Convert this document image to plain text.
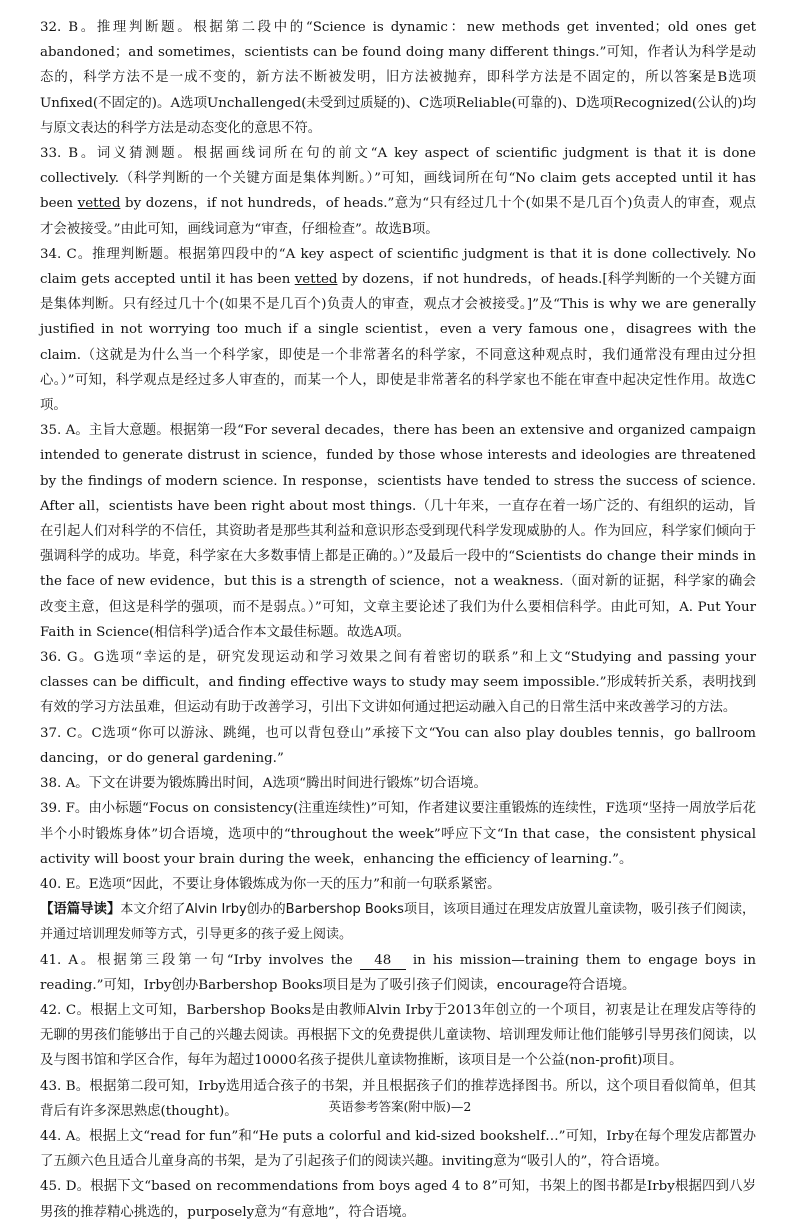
32. B。推理判断题。根据第二段中的“Science is dynamic：new methods get invented；old ones get abandoned；and sometimes，scientists can be found doing many different things.”可知，作者认为科学是动态的，科学方法不是一成不变的，新方法不断被发明，旧方法被抛弃，即科学方法是不固定的，所以答案是B选项Unfixed(不固定的)。A选项Unchallenged(未受到过质疑的)、C选项Reliable(可靠的)、D选项Recognized(公认的)均与原文表达的科学方法是动态变化的意思不符。

33. B。词义猜测题。根据画线词所在句的前文“A key aspect of scientific judgment is that it is done collectively.（科学判断的一个关键方面是集体判断。）”可知，画线词所在句“No claim gets accepted until it has been vetted by dozens，if not hundreds，of heads.”意为“只有经过几十个(如果不是几百个)负责人的审查，观点才会被接受。”由此可知，画线词意为“审查，仔细检查”。故选B项。

34. C。推理判断题。根据第四段中的“A key aspect of scientific judgment is that it is done collectively. No claim gets accepted until it has been vetted by dozens，if not hundreds，of heads.[科学判断的一个关键方面是集体判断。只有经过几十个(如果不是几百个)负责人的审查，观点才会被接受。]”及“This is why we are generally justified in not worrying too much if a single scientist，even a very famous one，disagrees with the claim.（这就是为什么当一个科学家，即使是一个非常著名的科学家，不同意这种观点时，我们通常没有理由过分担心。）”可知，科学观点是经过多人审查的，而某一个人，即使是非常著名的科学家也不能在审查中起决定性作用。故选C项。

35. A。主旨大意题。根据第一段“For several decades，there has been an extensive and organized campaign intended to generate distrust in science，funded by those whose interests and ideologies are threatened by the findings of modern science. In response，scientists have tended to stress the success of science. After all，scientists have been right about most things.（几十年来，一直存在着一场广泛的、有组织的运动，旨在引起人们对科学的不信任，其资助者是那些其利益和意识形态受到现代科学发现威胁的人。作为回应，科学家们倾向于强调科学的成功。毕竟，科学家在大多数事情上都是正确的。）”及最后一段中的“Scientists do change their minds in the face of new evidence，but this is a strength of science，not a weakness.（面对新的证据，科学家的确会改变主意，但这是科学的强项，而不是弱点。）”可知，文章主要论述了我们为什么要相信科学。由此可知，A. Put Your Faith in Science(相信科学)适合作本文最佳标题。故选A项。

36. G。G选项“幸运的是，研究发现运动和学习效果之间有着密切的联系”和上文“Studying and passing your classes can be difficult，and finding effective ways to study may seem impossible.”形成转折关系，表明找到有效的学习方法虽难，但运动有助于改善学习，引出下文讲如何通过把运动融入自己的日常生活中来改善学习的方法。

37. C。C选项“你可以游泳、跳绳，也可以背包登山”承接下文“You can also play doubles tennis，go ballroom dancing，or do general gardening.”

38. A。下文在讲要为锻炼腾出时间，A选项“腾出时间进行锻炼”切合语境。

39. F。由小标题“Focus on consistency(注重连续性)”可知，作者建议要注重锻炼的连续性，F选项“坚持一周放学后花半个小时锻炼身体”切合语境，选项中的“throughout the week”呼应下文“In that case，the consistent physical activity will boost your brain during the week，enhancing the efficiency of learning.”。

40. E。E选项“因此，不要让身体锻炼成为你一天的压力”和前一句联系紧密。

【语篇导读】本文介绍了Alvin Irby创办的Barbershop Books项目，该项目通过在理发店放置儿童读物，吸引孩子们阅读，并通过培训理发师等方式，引导更多的孩子爱上阅读。

41. A。根据第三段第一句“Irby involves the 48 in his mission—training them to engage boys in reading.”可知，Irby创办Barbershop Books项目是为了吸引孩子们阅读，encourage符合语境。

42. C。根据上文可知，Barbershop Books是由教师Alvin Irby于2013年创立的一个项目，初衷是让在理发店等待的无聊的男孩们能够出于自己的兴趣去阅读。再根据下文的免费提供儿童读物、培训理发师让他们能够引导男孩们阅读，以及与图书馆和学区合作，每年为超过10000名孩子提供儿童读物推断，该项目是一个公益(non-profit)项目。

43. B。根据第二段可知，Irby选用适合孩子的书架，并且根据孩子们的推荐选择图书。所以，这个项目看似简单，但其背后有许多深思熟虑(thought)。

44. A。根据上文“read for fun”和“He puts a colorful and kid-sized bookshelf…”可知，Irby在每个理发店都置办了五颜六色且适合儿童身高的书架，是为了引起孩子们的阅读兴趣。inviting意为“吸引人的”，符合语境。

45. D。根据下文“based on recommendations from boys aged 4 to 8”可知，书架上的图书都是Irby根据四到八岁男孩的推荐精心挑选的，purposely意为“有意地”，符合语境。

英语参考答案(附中版)—2
